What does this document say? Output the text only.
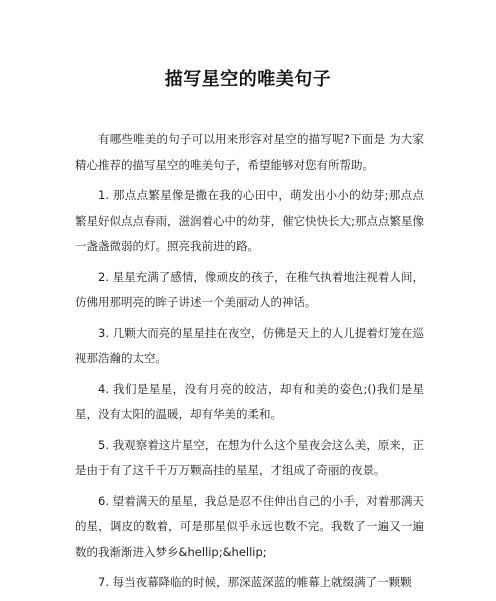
描写星空的唯美句子

有哪些唯美的句子可以用来形容对星空的描写呢?下面是 为大家精心推荐的描写星空的唯美句子，希望能够对您有所帮助。

1. 那点点繁星像是撒在我的心田中，萌发出小小的幼芽;那点点繁星好似点点春雨，滋润着心中的幼芽，催它快快长大;那点点繁星像一盏盏微弱的灯。照亮我前进的路。

2. 星星充满了感情，像顽皮的孩子，在稚气执着地注视着人间，仿佛用那明亮的眸子讲述一个美丽动人的神话。

3. 几颗大而亮的星星挂在夜空，仿佛是天上的人儿提着灯笼在巡视那浩瀚的太空。

4. 我们是星星，没有月亮的皎洁，却有和美的姿色;()我们是星星，没有太阳的温暖，却有华美的柔和。

5. 我观察着这片星空，在想为什么这个星夜会这么美，原来，正是由于有了这千千万万颗高挂的星星，才组成了奇丽的夜景。

6. 望着满天的星星，我总是忍不住伸出自己的小手，对着那满天的星，调皮的数着，可是那星似乎永远也数不完。我数了一遍又一遍数的我渐渐进入梦乡&hellip;&hellip;

7. 每当夜幕降临的时候，那深蓝深蓝的帷幕上就缀满了一颗颗
